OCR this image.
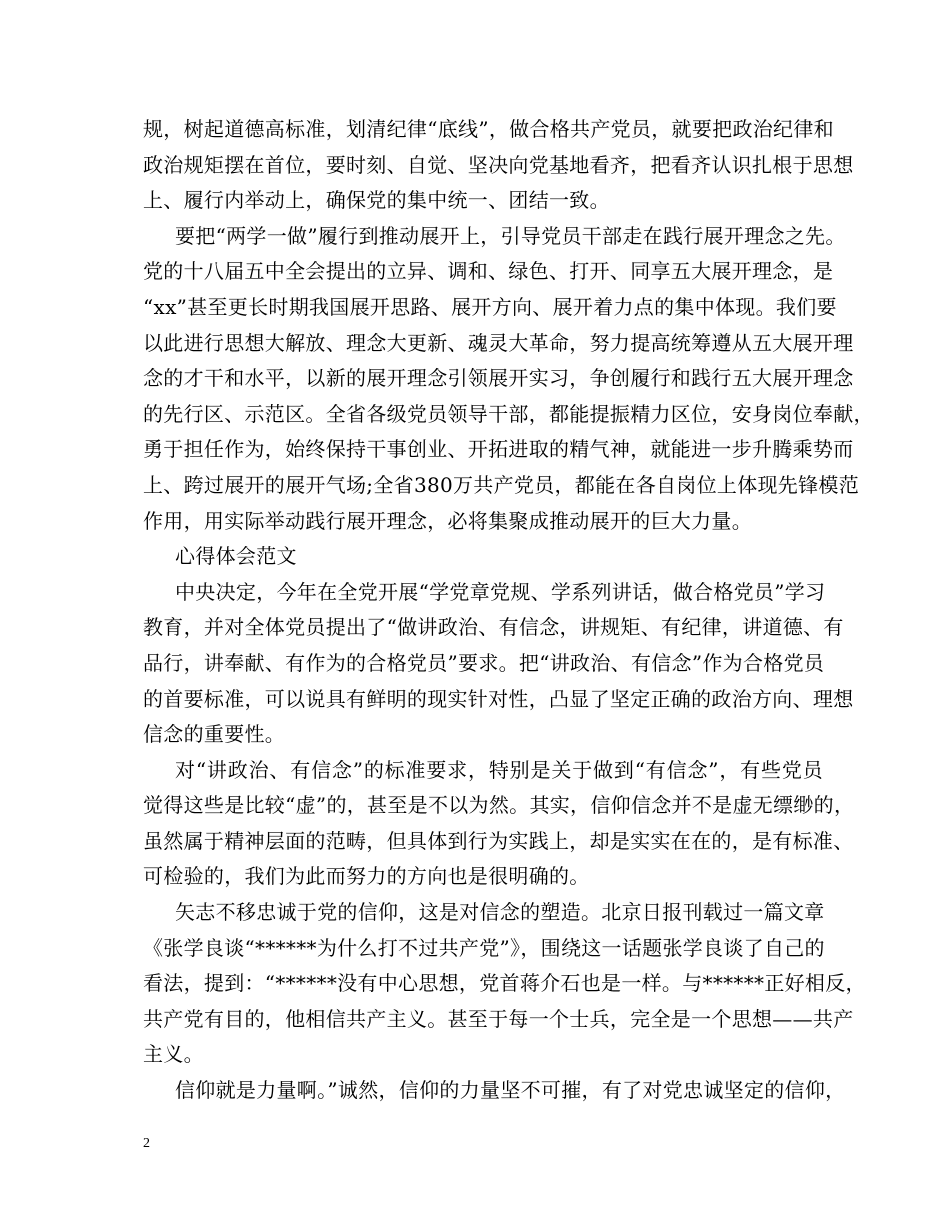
规，树起道德高标准，划清纪律“底线”，做合格共产党员，就要把政治纪律和
政治规矩摆在首位，要时刻、自觉、坚决向党基地看齐，把看齐认识扎根于思想
上、履行内举动上，确保党的集中统一、团结一致。

要把“两学一做”履行到推动展开上，引导党员干部走在践行展开理念之先。
党的十八届五中全会提出的立异、调和、绿色、打开、同享五大展开理念，是
“xx”甚至更长时期我国展开思路、展开方向、展开着力点的集中体现。我们要
以此进行思想大解放、理念大更新、魂灵大革命，努力提高统筹遵从五大展开理
念的才干和水平，以新的展开理念引领展开实习，争创履行和践行五大展开理念
的先行区、示范区。全省各级党员领导干部，都能提振精力区位，安身岗位奉献，
勇于担任作为，始终保持干事创业、开拓进取的精气神，就能进一步升腾乘势而
上、跨过展开的展开气场;全省380万共产党员，都能在各自岗位上体现先锋模范
作用，用实际举动践行展开理念，必将集聚成推动展开的巨大力量。

心得体会范文

中央决定，今年在全党开展“学党章党规、学系列讲话，做合格党员”学习
教育，并对全体党员提出了“做讲政治、有信念，讲规矩、有纪律，讲道德、有
品行，讲奉献、有作为的合格党员”要求。把“讲政治、有信念”作为合格党员
的首要标准，可以说具有鲜明的现实针对性，凸显了坚定正确的政治方向、理想
信念的重要性。

对“讲政治、有信念”的标准要求，特别是关于做到“有信念”，有些党员
觉得这些是比较“虚”的，甚至是不以为然。其实，信仰信念并不是虚无缥缈的，
虽然属于精神层面的范畴，但具体到行为实践上，却是实实在在的，是有标准、
可检验的，我们为此而努力的方向也是很明确的。

矢志不移忠诚于党的信仰，这是对信念的塑造。北京日报刊载过一篇文章
《张学良谈“******为什么打不过共产党”》，围绕这一话题张学良谈了自己的
看法，提到：“******没有中心思想，党首蒋介石也是一样。与******正好相反，
共产党有目的，他相信共产主义。甚至于每一个士兵，完全是一个思想——共产
主义。

信仰就是力量啊。”诚然，信仰的力量坚不可摧，有了对党忠诚坚定的信仰，

2
